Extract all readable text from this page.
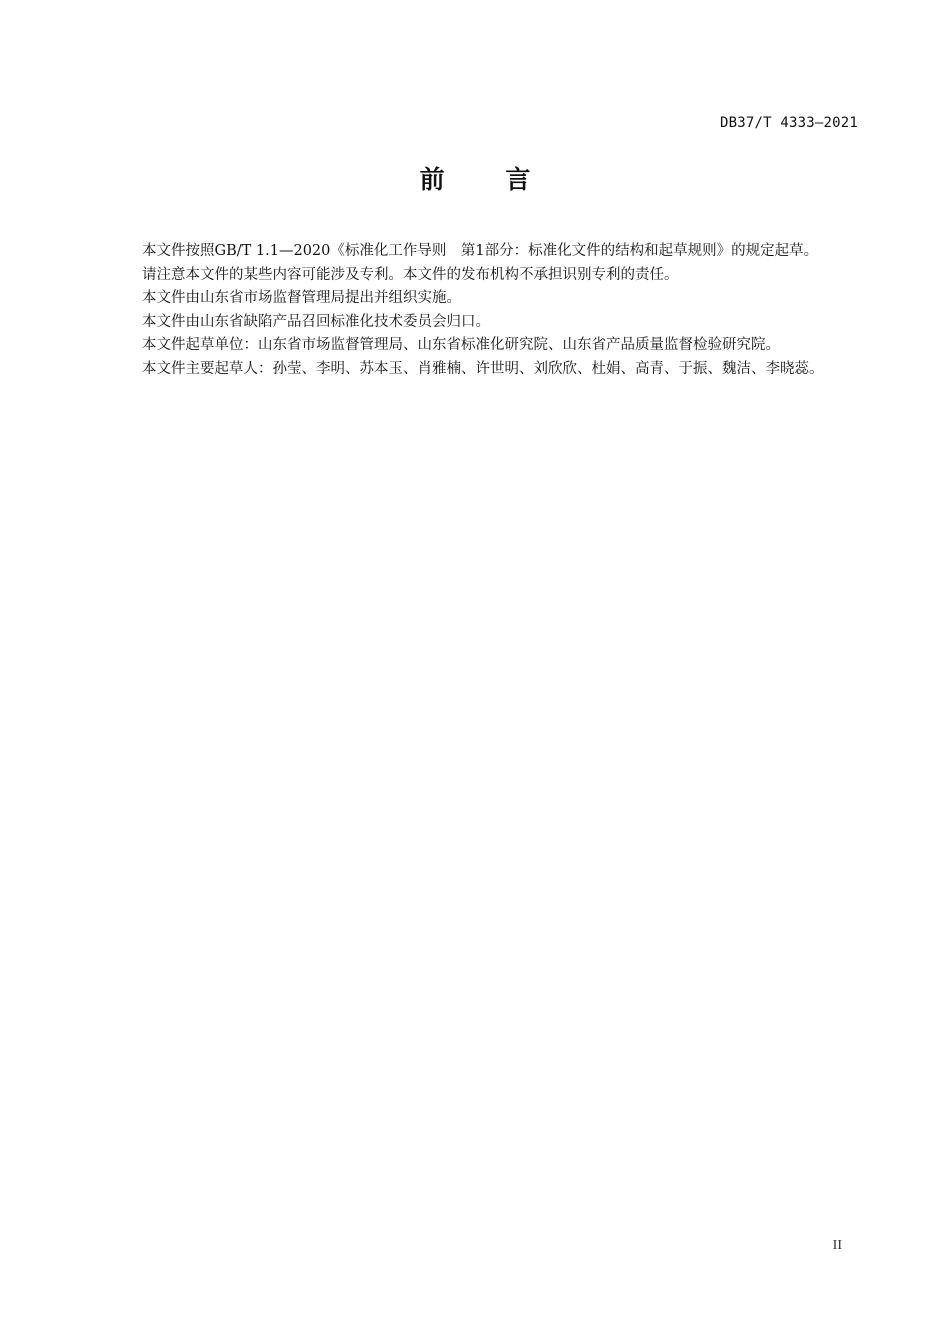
DB37/T 4333—2021
前 言

本文件按照GB/T 1.1—2020《标准化工作导则　第1部分：标准化文件的结构和起草规则》的规定起草。

请注意本文件的某些内容可能涉及专利。本文件的发布机构不承担识别专利的责任。

本文件由山东省市场监督管理局提出并组织实施。

本文件由山东省缺陷产品召回标准化技术委员会归口。

本文件起草单位：山东省市场监督管理局、山东省标准化研究院、山东省产品质量监督检验研究院。

本文件主要起草人：孙莹、李明、苏本玉、肖雅楠、许世明、刘欣欣、杜娟、高青、于振、魏洁、李晓蕊。

II
